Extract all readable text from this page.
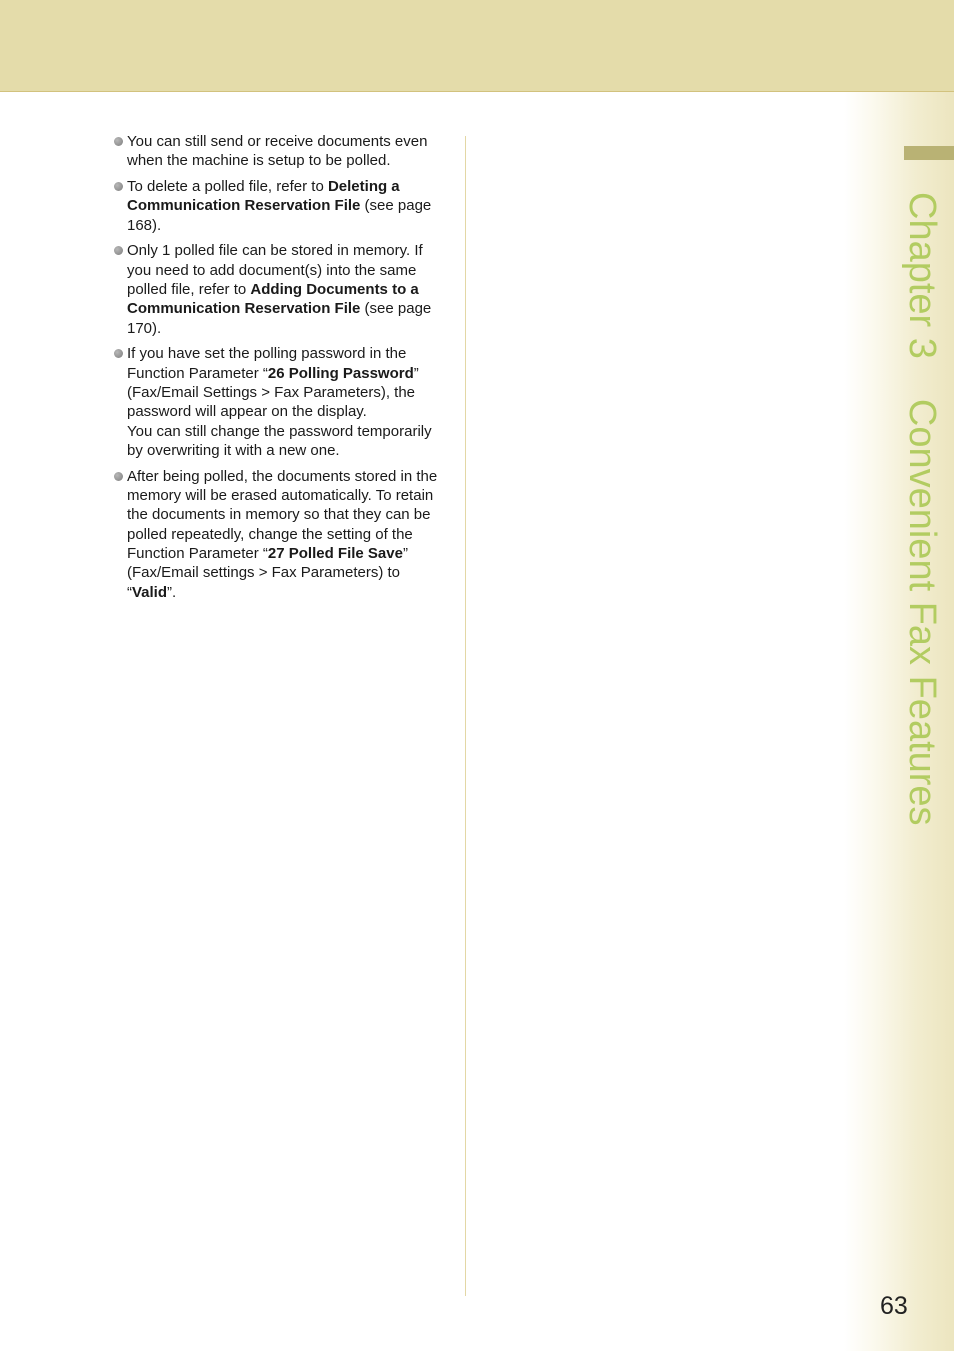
Chapter 3Convenient Fax Features
You can still send or receive documents even when the machine is setup to be polled.
To delete a polled file, refer to Deleting a Communication Reservation File (see page 168).
Only 1 polled file can be stored in memory. If you need to add document(s) into the same polled file, refer to Adding Documents to a Communication Reservation File (see page 170).
If you have set the polling password in the Function Parameter “26 Polling Password” (Fax/Email Settings > Fax Parameters), the password will appear on the display.
You can still change the password temporarily by overwriting it with a new one.
After being polled, the documents stored in the memory will be erased automatically. To retain the documents in memory so that they can be polled repeatedly, change the setting of the Function Parameter “27 Polled File Save” (Fax/Email settings > Fax Parameters) to “Valid”.
63
